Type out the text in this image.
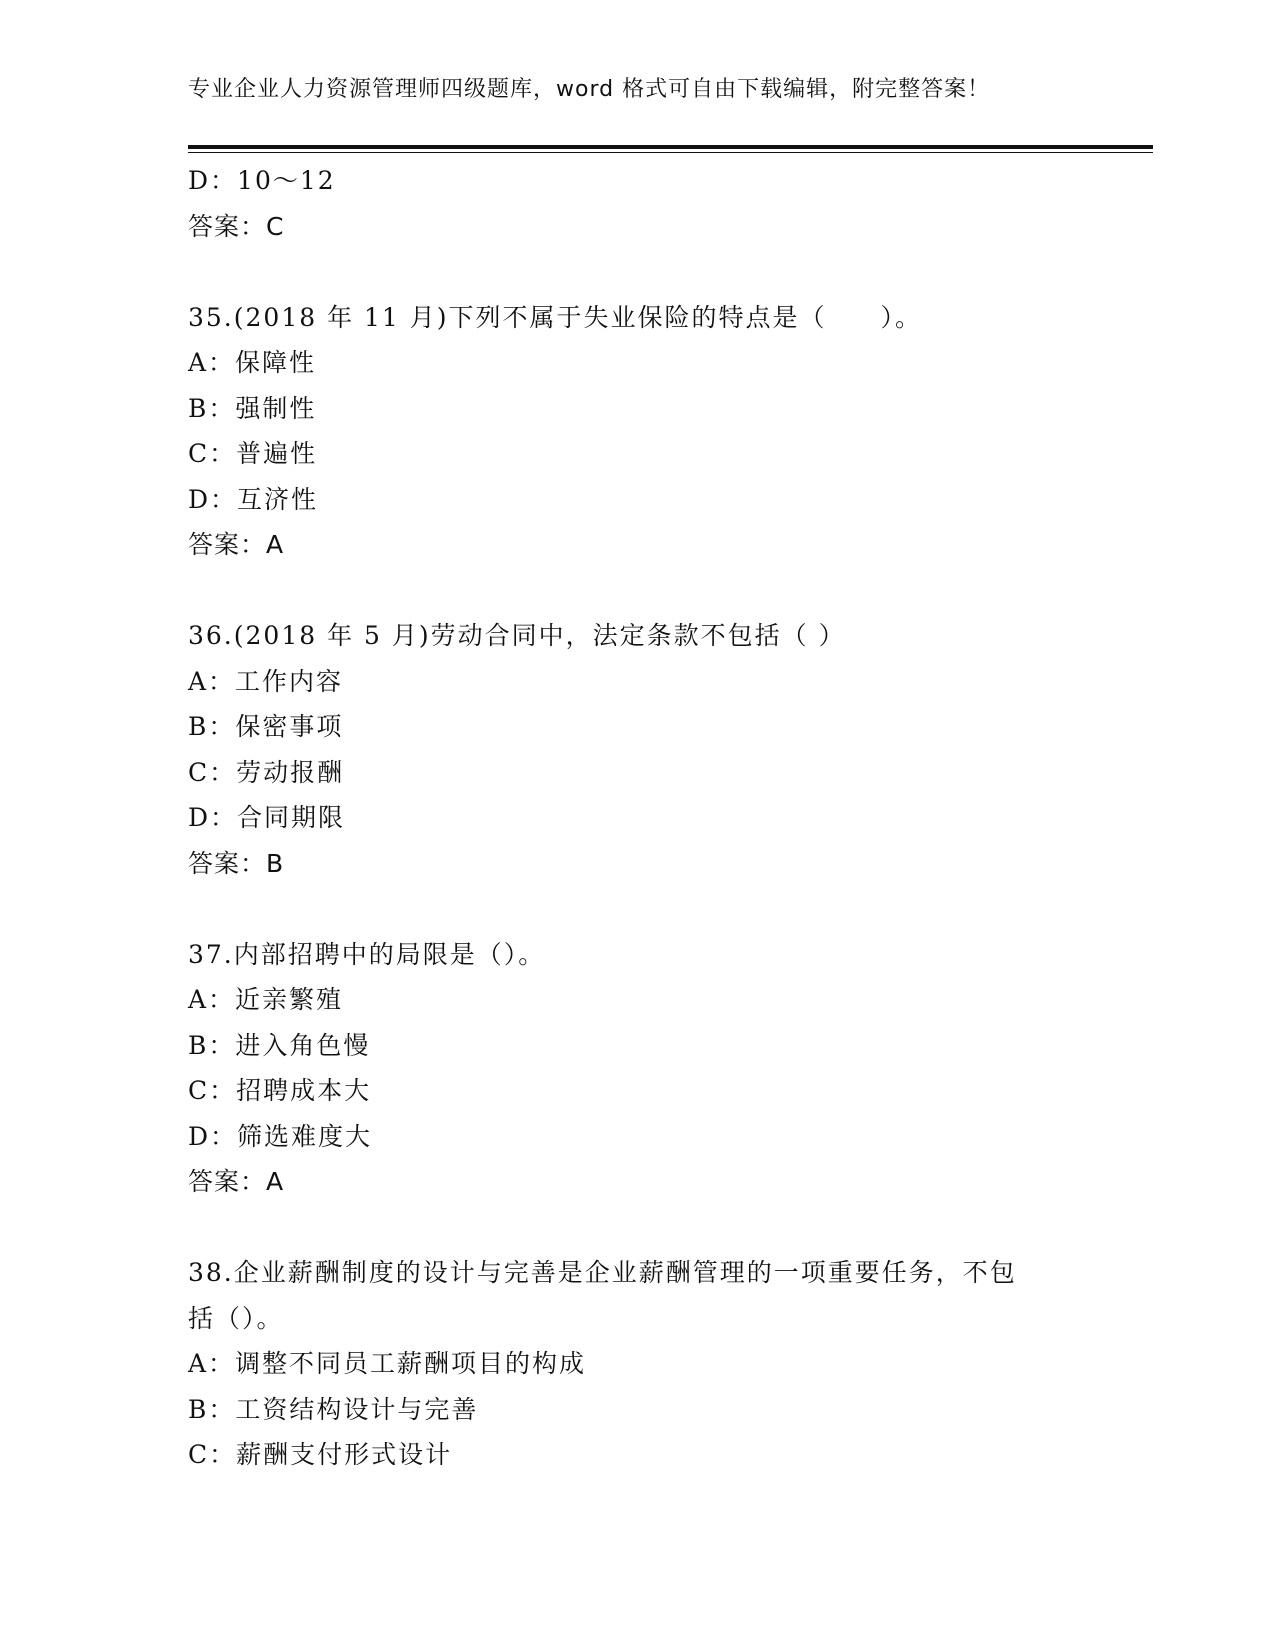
专业企业人力资源管理师四级题库，word 格式可自由下载编辑，附完整答案！
D：10～12
答案：C
35.(2018 年 11 月)下列不属于失业保险的特点是（　　）。
A：保障性
B：强制性
C：普遍性
D：互济性
答案：A
36.(2018 年 5 月)劳动合同中，法定条款不包括（ ）
A：工作内容
B：保密事项
C：劳动报酬
D：合同期限
答案：B
37.内部招聘中的局限是（）。
A：近亲繁殖
B：进入角色慢
C：招聘成本大
D：筛选难度大
答案：A
38.企业薪酬制度的设计与完善是企业薪酬管理的一项重要任务，不包
括（）。
A：调整不同员工薪酬项目的构成
B：工资结构设计与完善
C：薪酬支付形式设计
